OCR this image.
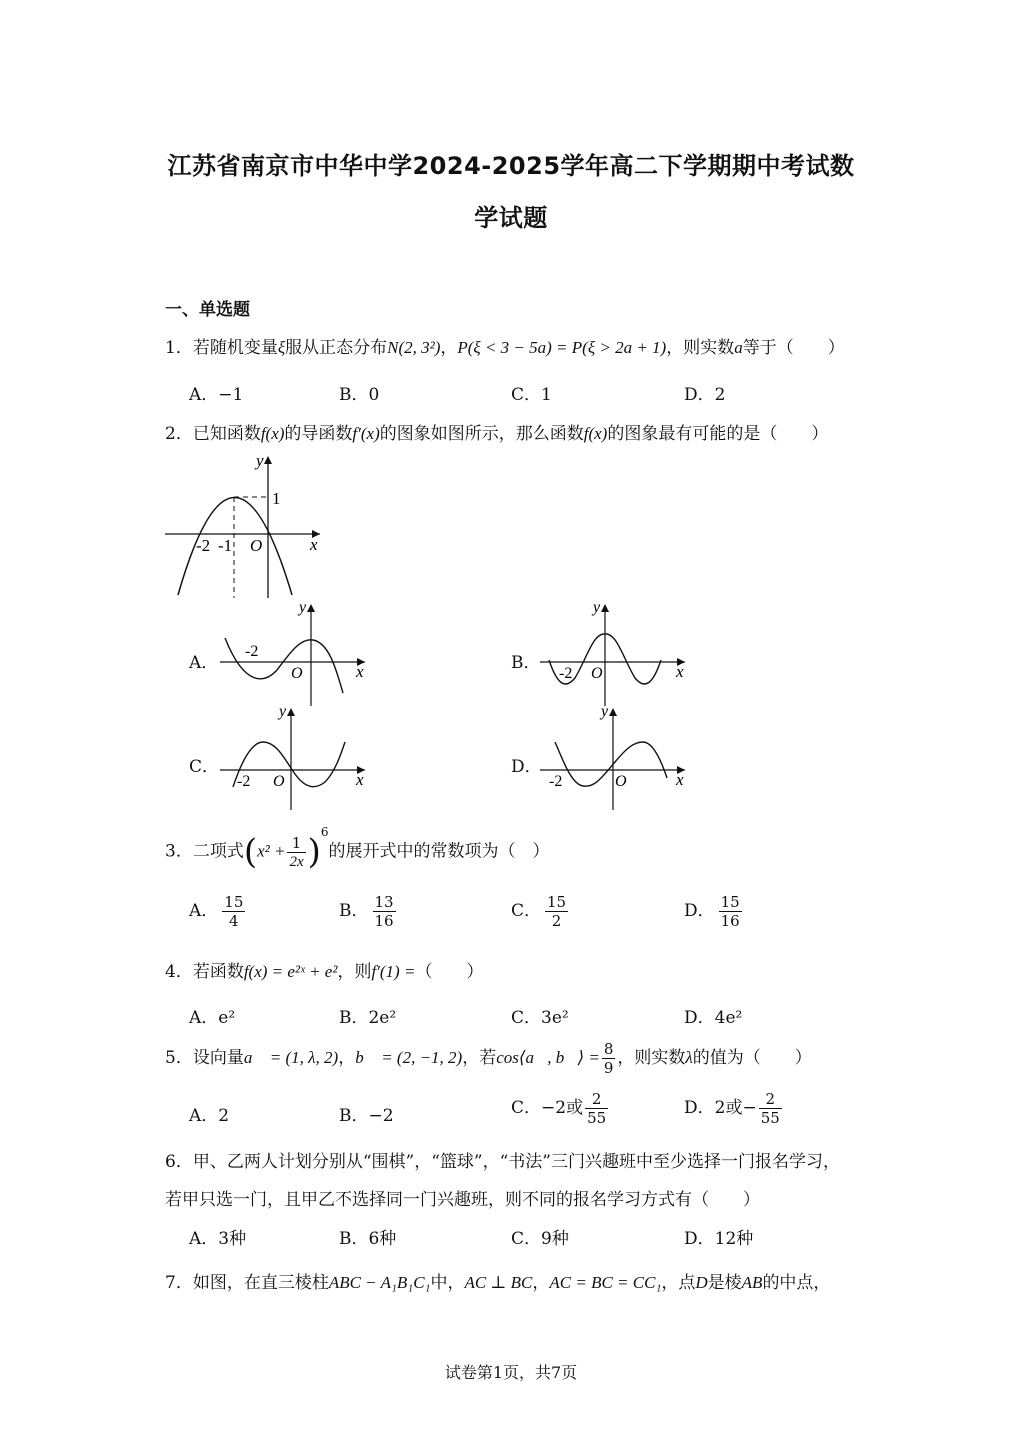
江苏省南京市中华中学2024-2025学年高二下学期期中考试数
学试题
一、单选题
1．若随机变量ξ服从正态分布N(2, 3²)，P(ξ < 3 − 5a) = P(ξ > 2a + 1)，则实数a等于（　　）
A．−1	B．0	C．1	D．2
2．已知函数f(x)的导函数f′(x)的图象如图所示，那么函数f(x)的图象最有可能的是（　　）
y
1
x
O
-2 -1
A．
y
x
O
-2
B．
y
x
O
-2
C．
y
x
O
-2
D．
y
x
O
-2
3．二项式$(x^2 + \frac{1}{2x} )^6$的展开式中的常数项为（　）
A． $\frac{15}{4}$	B． $\frac{13}{16}$	C． $\frac{15}{2}$	D． $\frac{15}{16}$
4．若函数f(x) = e²ˣ + e²，则f′(1) =（　　）
A．e²	B．2e²	C．3e²	D．4e²
5．设向量a⃗ = (1, λ, 2)，b⃗ = (2, −1, 2)，若cos⟨a⃗, b⃗⟩ = $\frac{8}{9}$ ，则实数λ的值为（　　）
A．2	B．−2	C．−2或 $\frac{2}{55}$	D．2或− $\frac{2}{55}$
6．甲、乙两人计划分别从“围棋”，“篮球”，“书法”三门兴趣班中至少选择一门报名学习，
若甲只选一门，且甲乙不选择同一门兴趣班，则不同的报名学习方式有（　　）
A．3种	B．6种	C．9种	D．12种
7．如图，在直三棱柱ABC − A₁B₁C₁中，AC ⊥ BC，AC = BC = CC₁，点D是棱AB的中点，
试卷第1页，共7页
